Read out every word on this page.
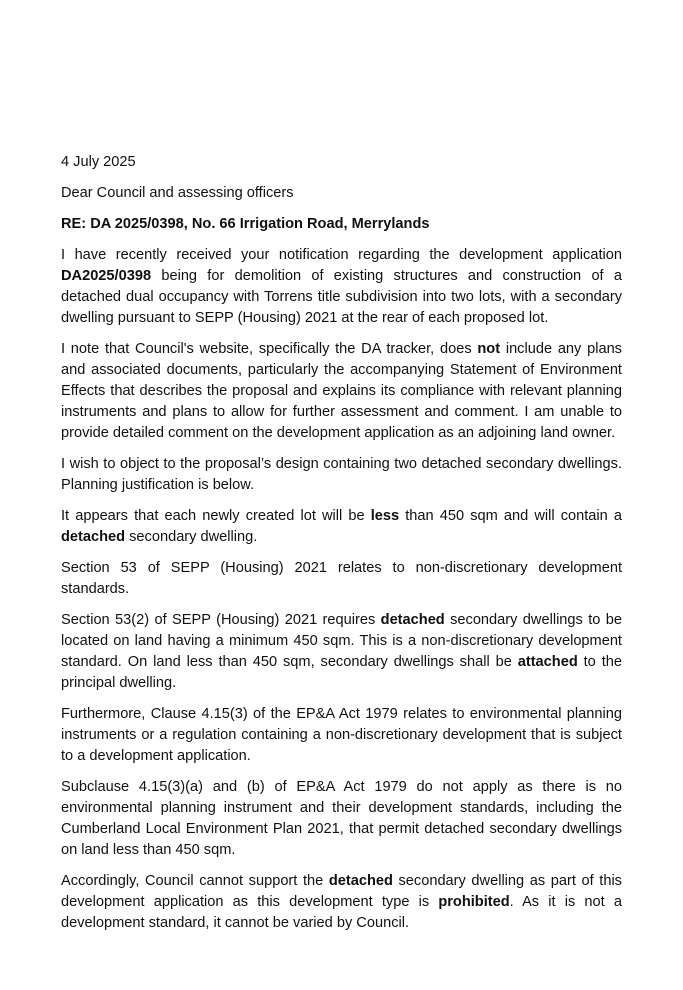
4 July 2025

Dear Council and assessing officers

RE: DA 2025/0398, No. 66 Irrigation Road, Merrylands

I have recently received your notification regarding the development application DA2025/0398 being for demolition of existing structures and construction of a detached dual occupancy with Torrens title subdivision into two lots, with a secondary dwelling pursuant to SEPP (Housing) 2021 at the rear of each proposed lot.

I note that Council's website, specifically the DA tracker, does not include any plans and associated documents, particularly the accompanying Statement of Environment Effects that describes the proposal and explains its compliance with relevant planning instruments and plans to allow for further assessment and comment. I am unable to provide detailed comment on the development application as an adjoining land owner.

I wish to object to the proposal’s design containing two detached secondary dwellings. Planning justification is below.

It appears that each newly created lot will be less than 450 sqm and will contain a detached secondary dwelling.

Section 53 of SEPP (Housing) 2021 relates to non-discretionary development standards.

Section 53(2) of SEPP (Housing) 2021 requires detached secondary dwellings to be located on land having a minimum 450 sqm. This is a non-discretionary development standard. On land less than 450 sqm, secondary dwellings shall be attached to the principal dwelling.

Furthermore, Clause 4.15(3) of the EP&A Act 1979 relates to environmental planning instruments or a regulation containing a non-discretionary development that is subject to a development application.

Subclause 4.15(3)(a) and (b) of EP&A Act 1979 do not apply as there is no environmental planning instrument and their development standards, including the Cumberland Local Environment Plan 2021, that permit detached secondary dwellings on land less than 450 sqm.

Accordingly, Council cannot support the detached secondary dwelling as part of this development application as this development type is prohibited. As it is not a development standard, it cannot be varied by Council.
